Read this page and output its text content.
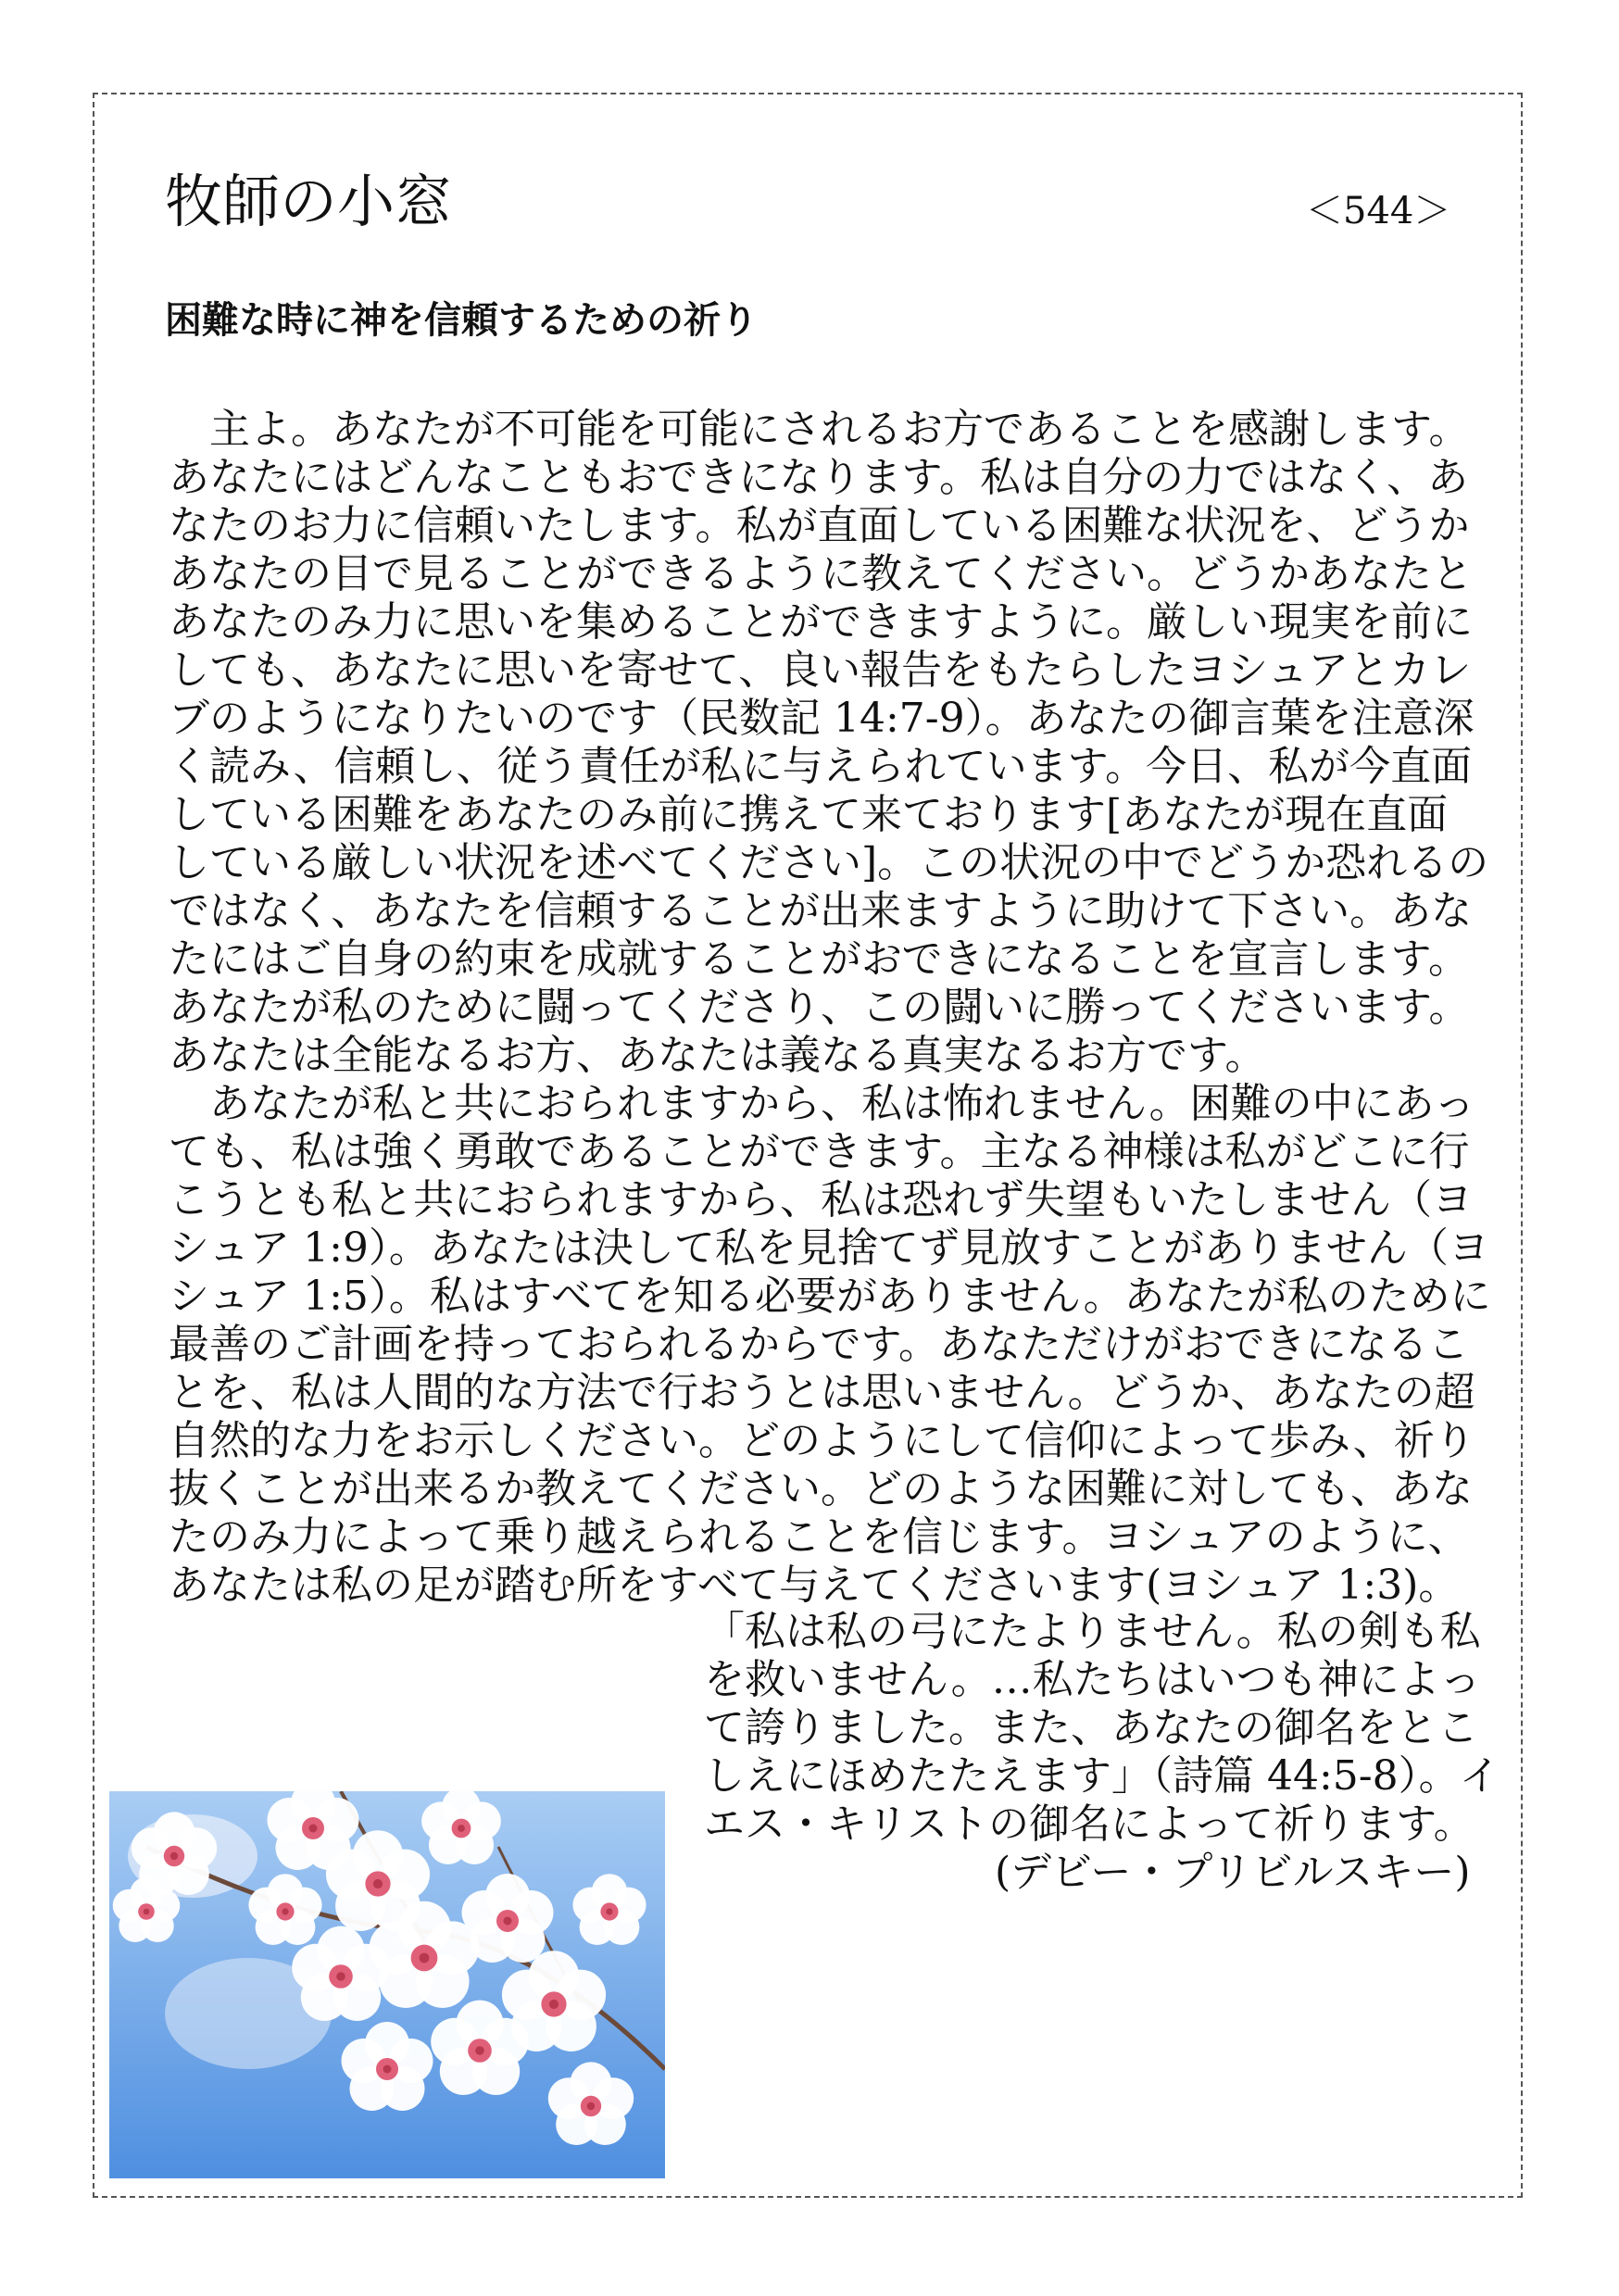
牧師の小窓	＜544＞
困難な時に神を信頼するための祈り
　主よ。あなたが不可能を可能にされるお方であることを感謝します。
あなたにはどんなこともおできになります。私は自分の力ではなく、あ
なたのお力に信頼いたします。私が直面している困難な状況を、どうか
あなたの目で見ることができるように教えてください。どうかあなたと
あなたのみ力に思いを集めることができますように。厳しい現実を前に
しても、あなたに思いを寄せて、良い報告をもたらしたヨシュアとカレ
ブのようになりたいのです（民数記 14:7-9）。あなたの御言葉を注意深
く読み、信頼し、従う責任が私に与えられています。今日、私が今直面
している困難をあなたのみ前に携えて来ております[あなたが現在直面
している厳しい状況を述べてください]。この状況の中でどうか恐れるの
ではなく、あなたを信頼することが出来ますように助けて下さい。あな
たにはご自身の約束を成就することがおできになることを宣言します。
あなたが私のために闘ってくださり、この闘いに勝ってくださいます。
あなたは全能なるお方、あなたは義なる真実なるお方です。
　あなたが私と共におられますから、私は怖れません。困難の中にあっ
ても、私は強く勇敢であることができます。主なる神様は私がどこに行
こうとも私と共におられますから、私は恐れず失望もいたしません（ヨ
シュア 1:9）。あなたは決して私を見捨てず見放すことがありません（ヨ
シュア 1:5）。私はすべてを知る必要がありません。あなたが私のために
最善のご計画を持っておられるからです。あなただけがおできになるこ
とを、私は人間的な方法で行おうとは思いません。どうか、あなたの超
自然的な力をお示しください。どのようにして信仰によって歩み、祈り
抜くことが出来るか教えてください。どのような困難に対しても、あな
たのみ力によって乗り越えられることを信じます。ヨシュアのように、
あなたは私の足が踏む所をすべて与えてくださいます(ヨシュア 1:3)。
「私は私の弓にたよりません。私の剣も私
を救いません。…私たちはいつも神によっ
て誇りました。また、あなたの御名をとこ
しえにほめたたえます」（詩篇 44:5-8）。イ
エス・キリストの御名によって祈ります。
(デビー・プリビルスキー)
